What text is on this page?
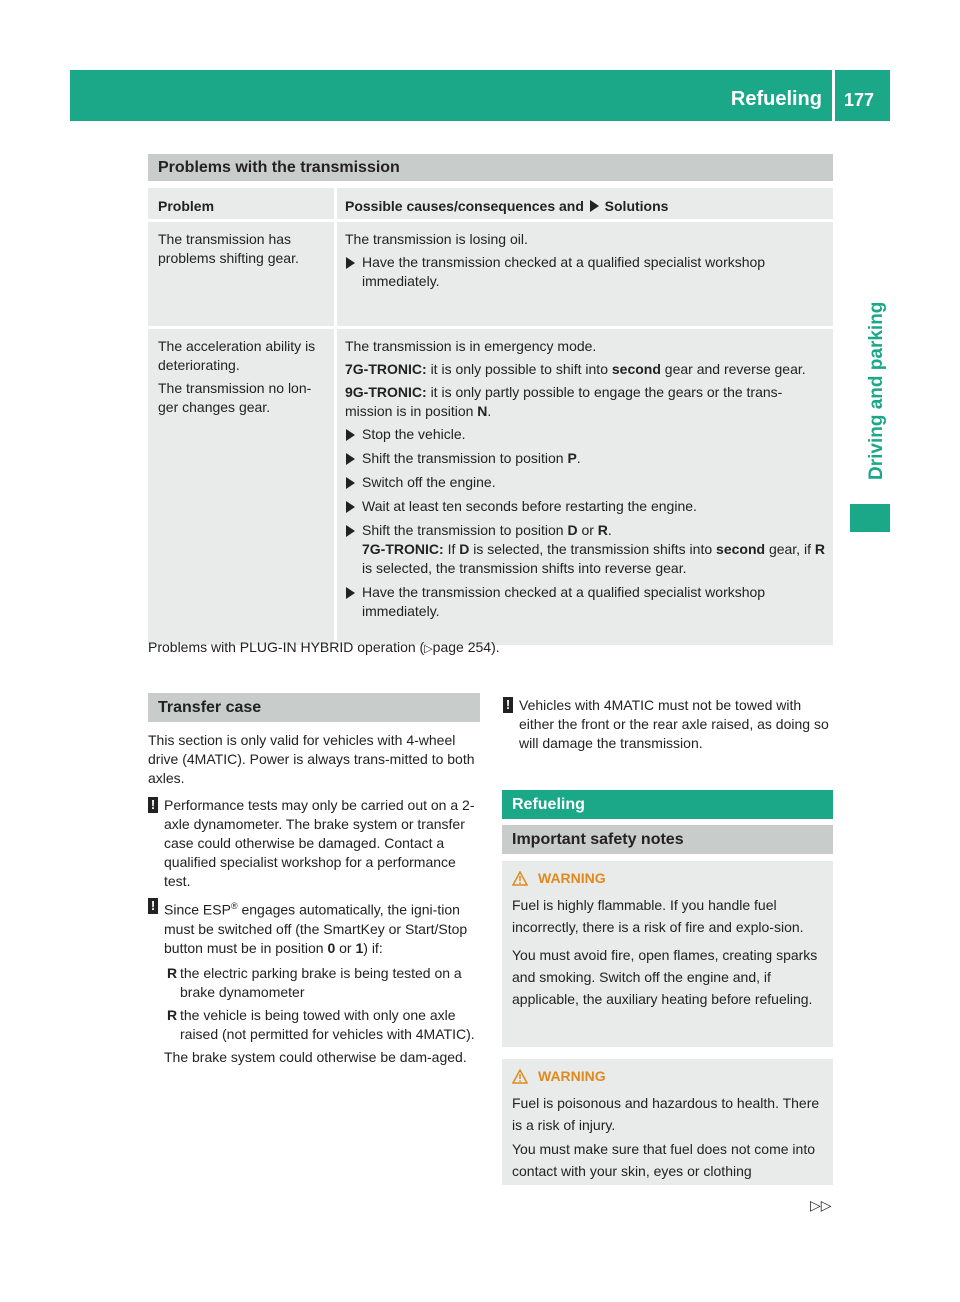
Refueling 177
Driving and parking
Problems with the transmission
Problem	Possible causes/consequences and Solutions
The transmission has problems shifting gear.

The transmission is losing oil.

Have the transmission checked at a qualified specialist workshop immediately.

The acceleration ability is deteriorating.

The transmission no lon-ger changes gear.

The transmission is in emergency mode.

7G-TRONIC: it is only possible to shift into second gear and reverse gear.

9G-TRONIC: it is only partly possible to engage the gears or the trans-mission is in position N.

Stop the vehicle.
Shift the transmission to position P.
Switch off the engine.
Wait at least ten seconds before restarting the engine.
Shift the transmission to position D or R.
7G-TRONIC: If D is selected, the transmission shifts into second gear, if R is selected, the transmission shifts into reverse gear.
Have the transmission checked at a qualified specialist workshop immediately.
Problems with PLUG-IN HYBRID operation (▷page 254).
Transfer case

This section is only valid for vehicles with 4-wheel drive (4MATIC). Power is always trans-mitted to both axles.

! Performance tests may only be carried out on a 2-axle dynamometer. The brake system or transfer case could otherwise be damaged. Contact a qualified specialist workshop for a performance test.
! Since ESP® engages automatically, the igni-tion must be switched off (the SmartKey or Start/Stop button must be in position 0 or 1) if:
R the electric parking brake is being tested on a brake dynamometer
R the vehicle is being towed with only one axle raised (not permitted for vehicles with 4MATIC).

The brake system could otherwise be dam-aged.

! Vehicles with 4MATIC must not be towed with either the front or the rear axle raised, as doing so will damage the transmission.
Refueling
Important safety notes
WARNING

Fuel is highly flammable. If you handle fuel incorrectly, there is a risk of fire and explo-sion.

You must avoid fire, open flames, creating sparks and smoking. Switch off the engine and, if applicable, the auxiliary heating before refueling.

WARNING

Fuel is poisonous and hazardous to health. There is a risk of injury.

You must make sure that fuel does not come into contact with your skin, eyes or clothing

▷▷
